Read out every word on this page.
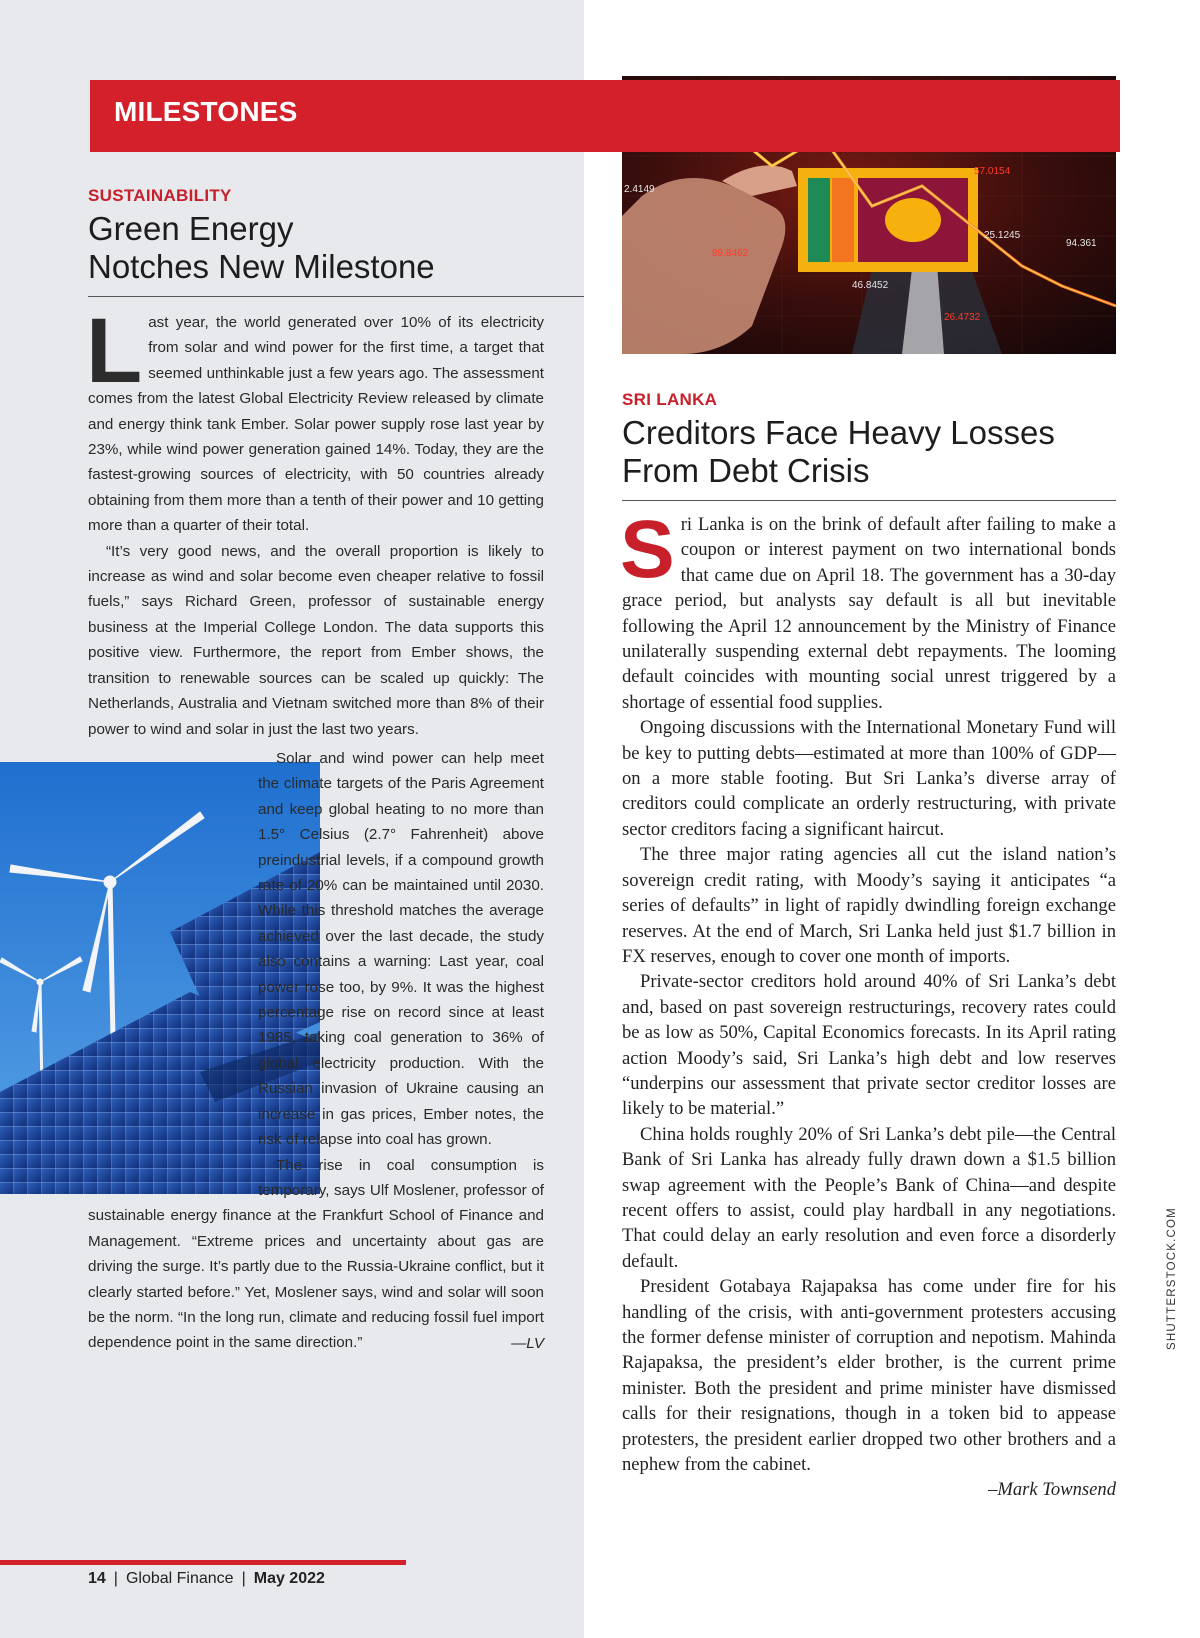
57.0154
89.8462
26.4732
25.1245
94.361
46.8452
2.4149
MILESTONES
SUSTAINABILITY
Green Energy
Notches New Milestone

Last year, the world generated over 10% of its electricity from solar and wind power for the first time, a target that seemed unthinkable just a few years ago. The assessment comes from the latest Global Electricity Review released by climate and energy think tank Ember. Solar power supply rose last year by 23%, while wind power generation gained 14%. Today, they are the fastest-growing sources of electricity, with 50 countries already obtaining from them more than a tenth of their power and 10 getting more than a quarter of their total.

“It’s very good news, and the overall proportion is likely to increase as wind and solar become even cheaper relative to fossil fuels,” says Richard Green, professor of sustainable energy business at the Imperial College London. The data supports this positive view. Furthermore, the report from Ember shows, the transition to renewable sources can be scaled up quickly: The Netherlands, Australia and Vietnam switched more than 8% of their power to wind and solar in just the last two years.

Solar and wind power can help meet the climate targets of the Paris Agreement and keep global heating to no more than 1.5° Celsius (2.7° Fahrenheit) above preindustrial levels, if a compound growth rate of 20% can be maintained until 2030. While this threshold matches the average achieved over the last decade, the study also contains a warning: Last year, coal power rose too, by 9%. It was the highest percentage rise on record since at least 1985, taking coal generation to 36% of global electricity production. With the Russian invasion of Ukraine causing an increase in gas prices, Ember notes, the risk of relapse into coal has grown.

The rise in coal consumption is temporary, says Ulf Moslener, professor of sustainable energy finance at the Frankfurt School of Finance and Management. “Extreme prices and uncertainty about gas are driving the surge. It’s partly due to the Russia-Ukraine conflict, but it clearly started before.” Yet, Moslener says, wind and solar will soon be the norm. “In the long run, climate and reducing fossil fuel import dependence point in the same direction.”	—LV

SRI LANKA
Creditors Face Heavy Losses
From Debt Crisis

Sri Lanka is on the brink of default after failing to make a coupon or interest payment on two international bonds that came due on April 18. The government has a 30-day grace period, but analysts say default is all but inevitable following the April 12 announcement by the Ministry of Finance unilaterally suspending external debt repayments. The looming default coincides with mounting social unrest triggered by a shortage of essential food supplies.

Ongoing discussions with the International Monetary Fund will be key to putting debts—estimated at more than 100% of GDP—on a more stable footing. But Sri Lanka’s diverse array of creditors could complicate an orderly restructuring, with private sector creditors facing a significant haircut.

The three major rating agencies all cut the island nation’s sovereign credit rating, with Moody’s saying it anticipates “a series of defaults” in light of rapidly dwindling foreign exchange reserves. At the end of March, Sri Lanka held just $1.7 billion in FX reserves, enough to cover one month of imports.

Private-sector creditors hold around 40% of Sri Lanka’s debt and, based on past sovereign restructurings, recovery rates could be as low as 50%, Capital Economics forecasts. In its April rating action Moody’s said, Sri Lanka’s high debt and low reserves “underpins our assessment that private sector creditor losses are likely to be material.”

China holds roughly 20% of Sri Lanka’s debt pile—the Central Bank of Sri Lanka has already fully drawn down a $1.5 billion swap agreement with the People’s Bank of China—and despite recent offers to assist, could play hardball in any negotiations. That could delay an early resolution and even force a disorderly default.

President Gotabaya Rajapaksa has come under fire for his handling of the crisis, with anti-government protesters accusing the former defense minister of corruption and nepotism. Mahinda Rajapaksa, the president’s elder brother, is the current prime minister. Both the president and prime minister have dismissed calls for their resignations, though in a token bid to appease protesters, the president earlier dropped two other brothers and a nephew from the cabinet.

–Mark Townsend

SHUTTERSTOCK.COM
14 | Global Finance | May 2022
